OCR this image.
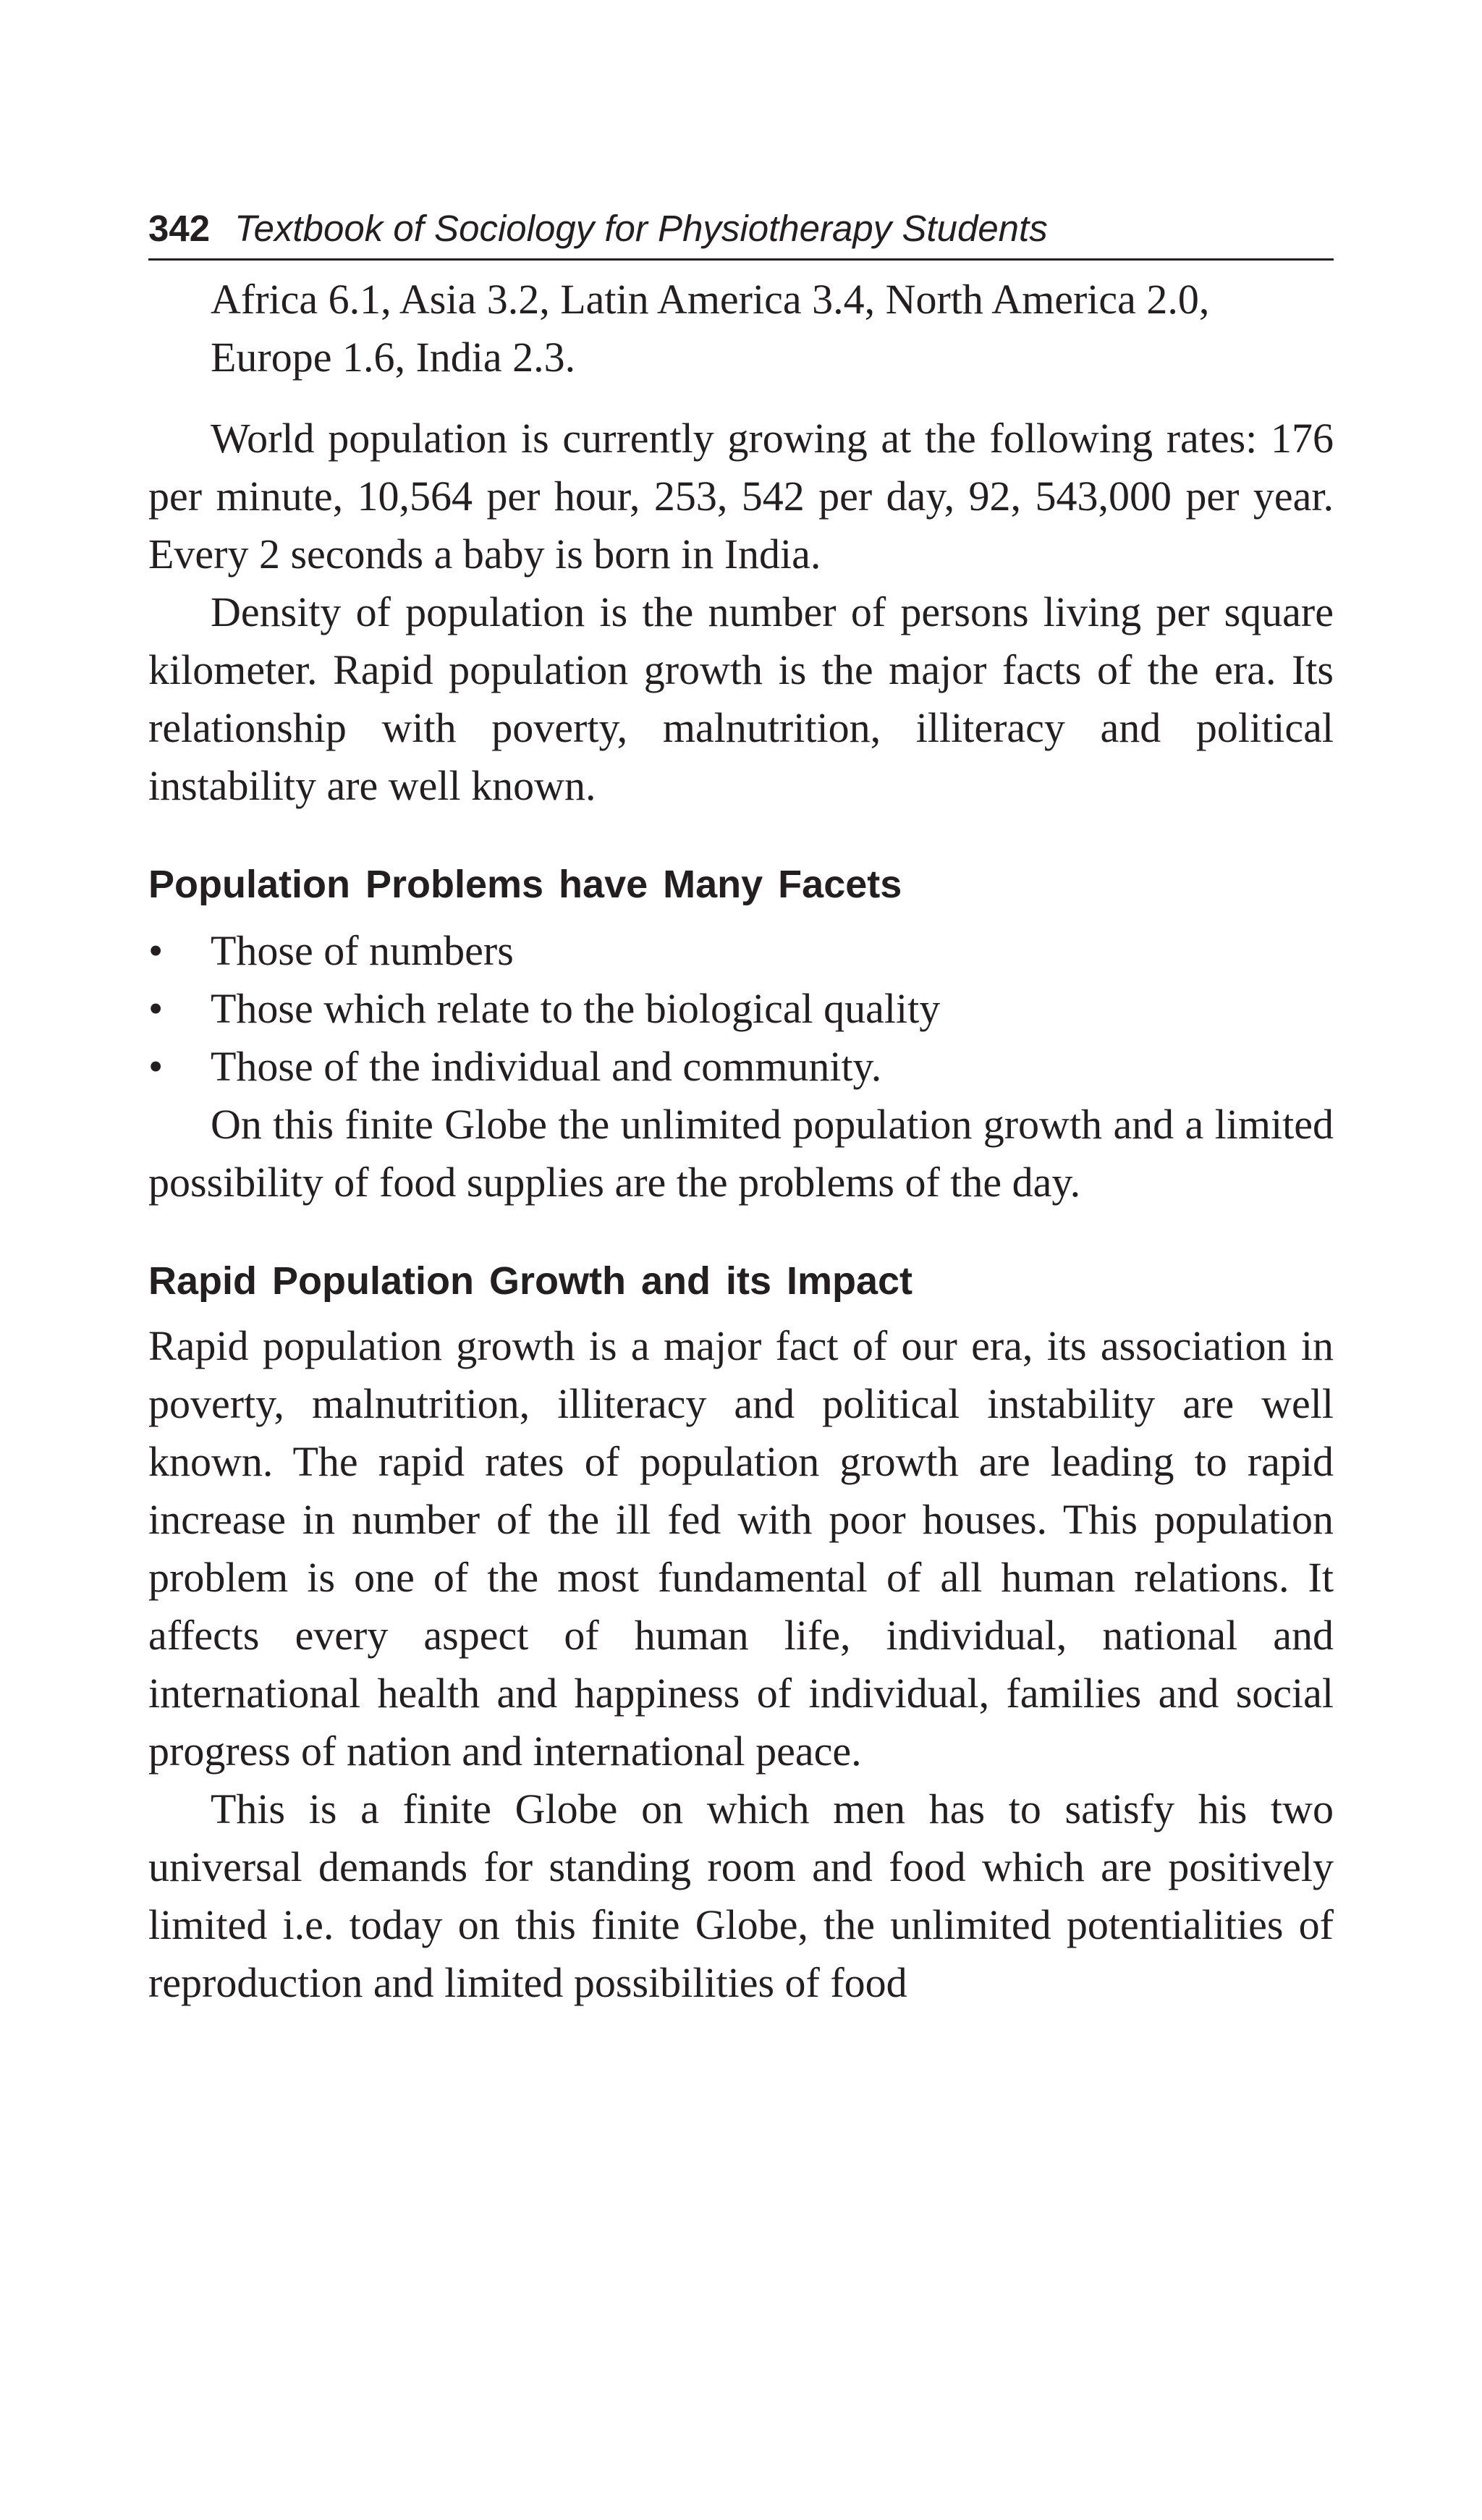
342 Textbook of Sociology for Physiotherapy Students

Africa 6.1, Asia 3.2, Latin America 3.4, North America 2.0, Europe 1.6, India 2.3.

World population is currently growing at the following rates: 176 per minute, 10,564 per hour, 253, 542 per day, 92, 543,000 per year. Every 2 seconds a baby is born in India.

Density of population is the number of persons living per square kilometer. Rapid population growth is the major facts of the era. Its relationship with poverty, malnutrition, illiteracy and political instability are well known.

Population Problems have Many Facets
• Those of numbers
• Those which relate to the biological quality
• Those of the individual and community.

On this finite Globe the unlimited population growth and a limited possibility of food supplies are the problems of the day.

Rapid Population Growth and its Impact

Rapid population growth is a major fact of our era, its association in poverty, malnutrition, illiteracy and political instability are well known. The rapid rates of population growth are leading to rapid increase in number of the ill fed with poor houses. This population problem is one of the most fundamental of all human relations. It affects every aspect of human life, individual, national and international health and happiness of individual, families and social progress of nation and international peace.

This is a finite Globe on which men has to satisfy his two universal demands for standing room and food which are positively limited i.e. today on this finite Globe, the unlimited potentialities of reproduction and limited possibilities of food
